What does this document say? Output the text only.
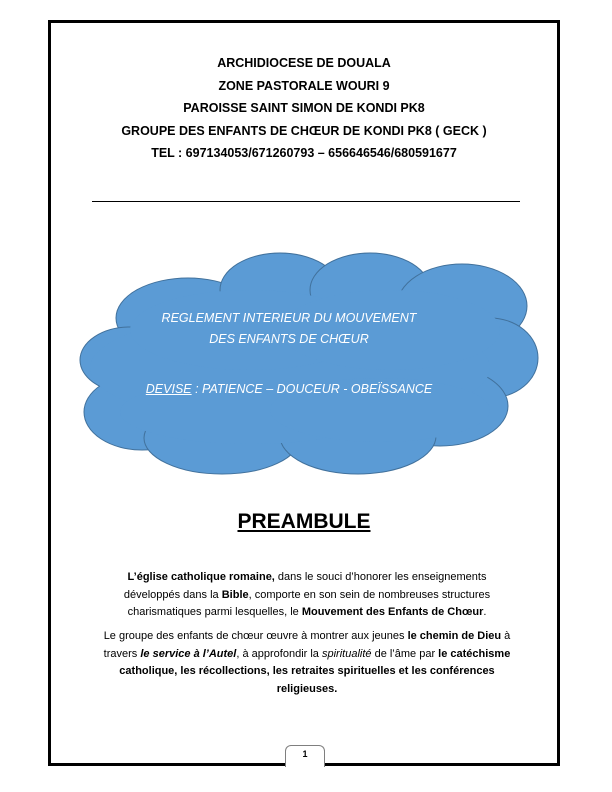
ARCHIDIOCESE DE DOUALA
ZONE PASTORALE WOURI 9
PAROISSE SAINT SIMON DE KONDI PK8
GROUPE DES ENFANTS DE CHŒUR DE KONDI PK8 ( GECK )
TEL : 697134053/671260793 – 656646546/680591677
REGLEMENT INTERIEUR DU MOUVEMENT
DES ENFANTS DE CHŒUR
DEVISE : PATIENCE – DOUCEUR - OBEÏSSANCE
PREAMBULE
L’église catholique romaine, dans le souci d’honorer les enseignements développés dans la Bible, comporte en son sein de nombreuses structures charismatiques parmi lesquelles, le Mouvement des Enfants de Chœur.
Le groupe des enfants de chœur œuvre à montrer aux jeunes le chemin de Dieu à travers le service à l’Autel, à approfondir la spiritualité de l’âme par le catéchisme catholique, les récollections, les retraites spirituelles et les conférences religieuses.
1
